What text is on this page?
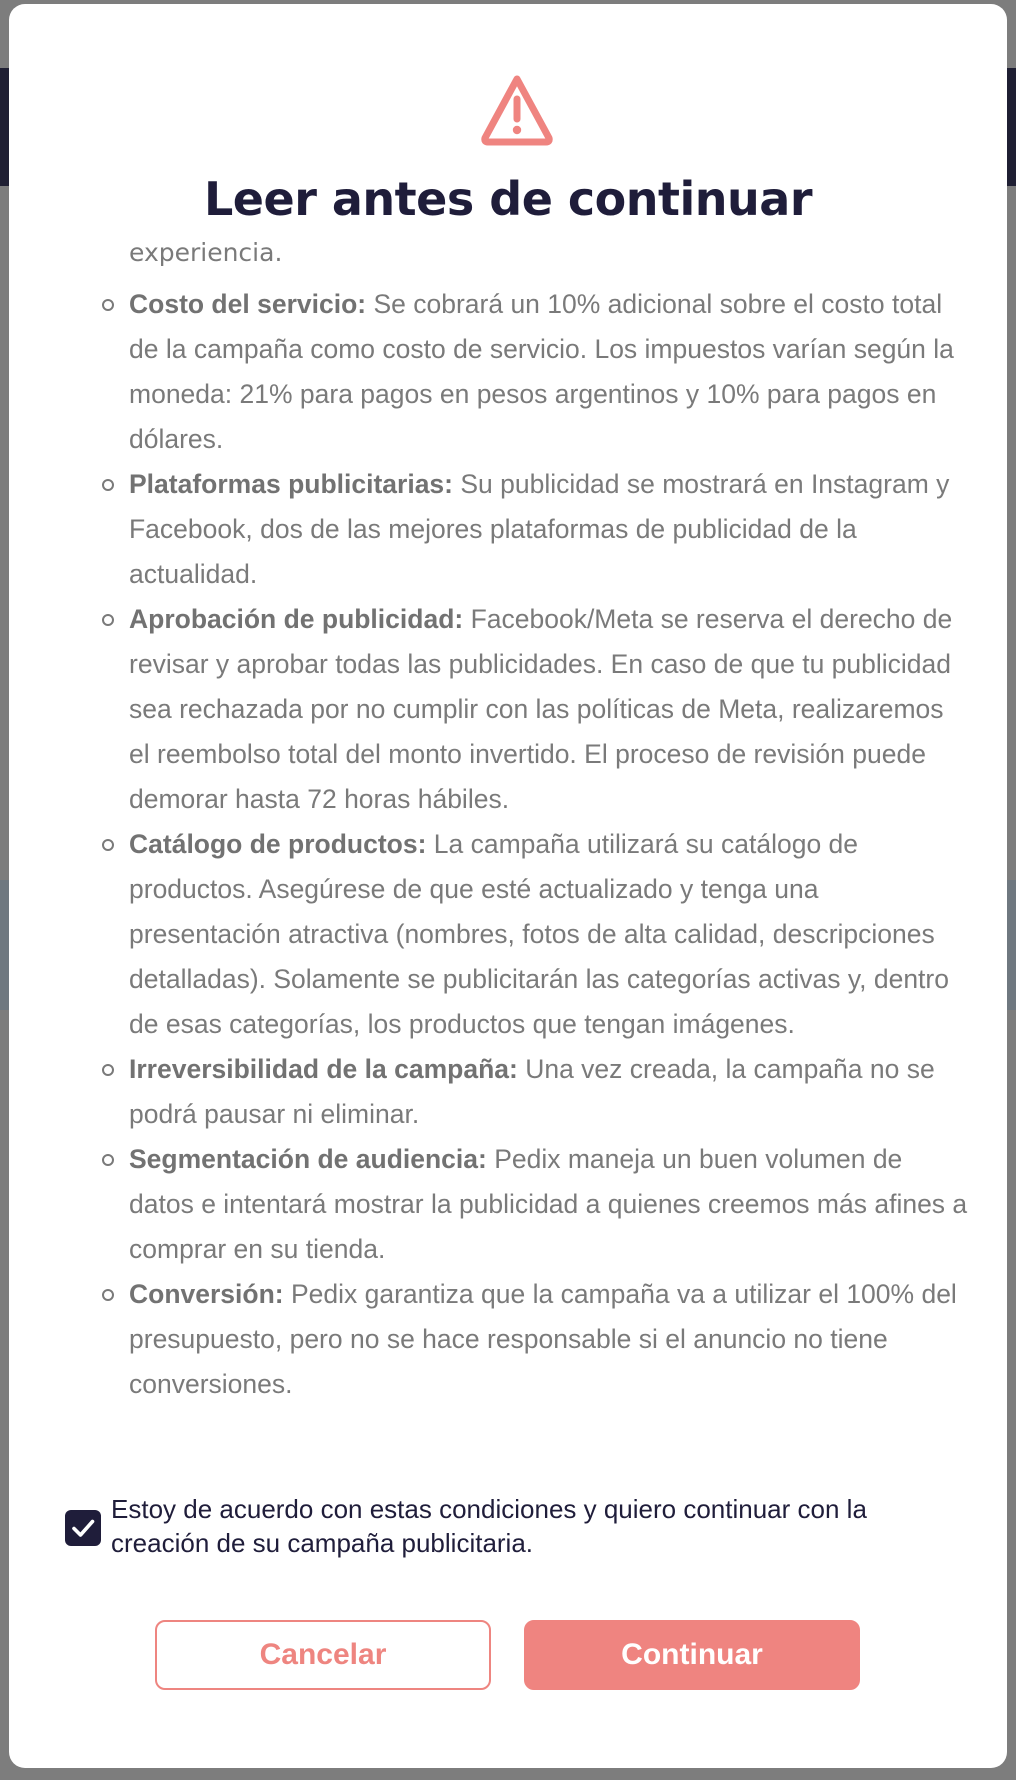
Leer antes de continuar
experiencia.
Costo del servicio: Se cobrará un 10% adicional sobre el costo total de la campaña como costo de servicio. Los impuestos varían según la moneda: 21% para pagos en pesos argentinos y 10% para pagos en dólares.
Plataformas publicitarias: Su publicidad se mostrará en Instagram y Facebook, dos de las mejores plataformas de publicidad de la actualidad.
Aprobación de publicidad: Facebook/Meta se reserva el derecho de revisar y aprobar todas las publicidades. En caso de que tu publicidad sea rechazada por no cumplir con las políticas de Meta, realizaremos el reembolso total del monto invertido. El proceso de revisión puede demorar hasta 72 horas hábiles.
Catálogo de productos: La campaña utilizará su catálogo de productos. Asegúrese de que esté actualizado y tenga una presentación atractiva (nombres, fotos de alta calidad, descripciones detalladas). Solamente se publicitarán las categorías activas y, dentro de esas categorías, los productos que tengan imágenes.
Irreversibilidad de la campaña: Una vez creada, la campaña no se podrá pausar ni eliminar.
Segmentación de audiencia: Pedix maneja un buen volumen de datos e intentará mostrar la publicidad a quienes creemos más afines a comprar en su tienda.
Conversión: Pedix garantiza que la campaña va a utilizar el 100% del presupuesto, pero no se hace responsable si el anuncio no tiene conversiones.
Estoy de acuerdo con estas condiciones y quiero continuar con la creación de su campaña publicitaria.
Cancelar	Continuar
